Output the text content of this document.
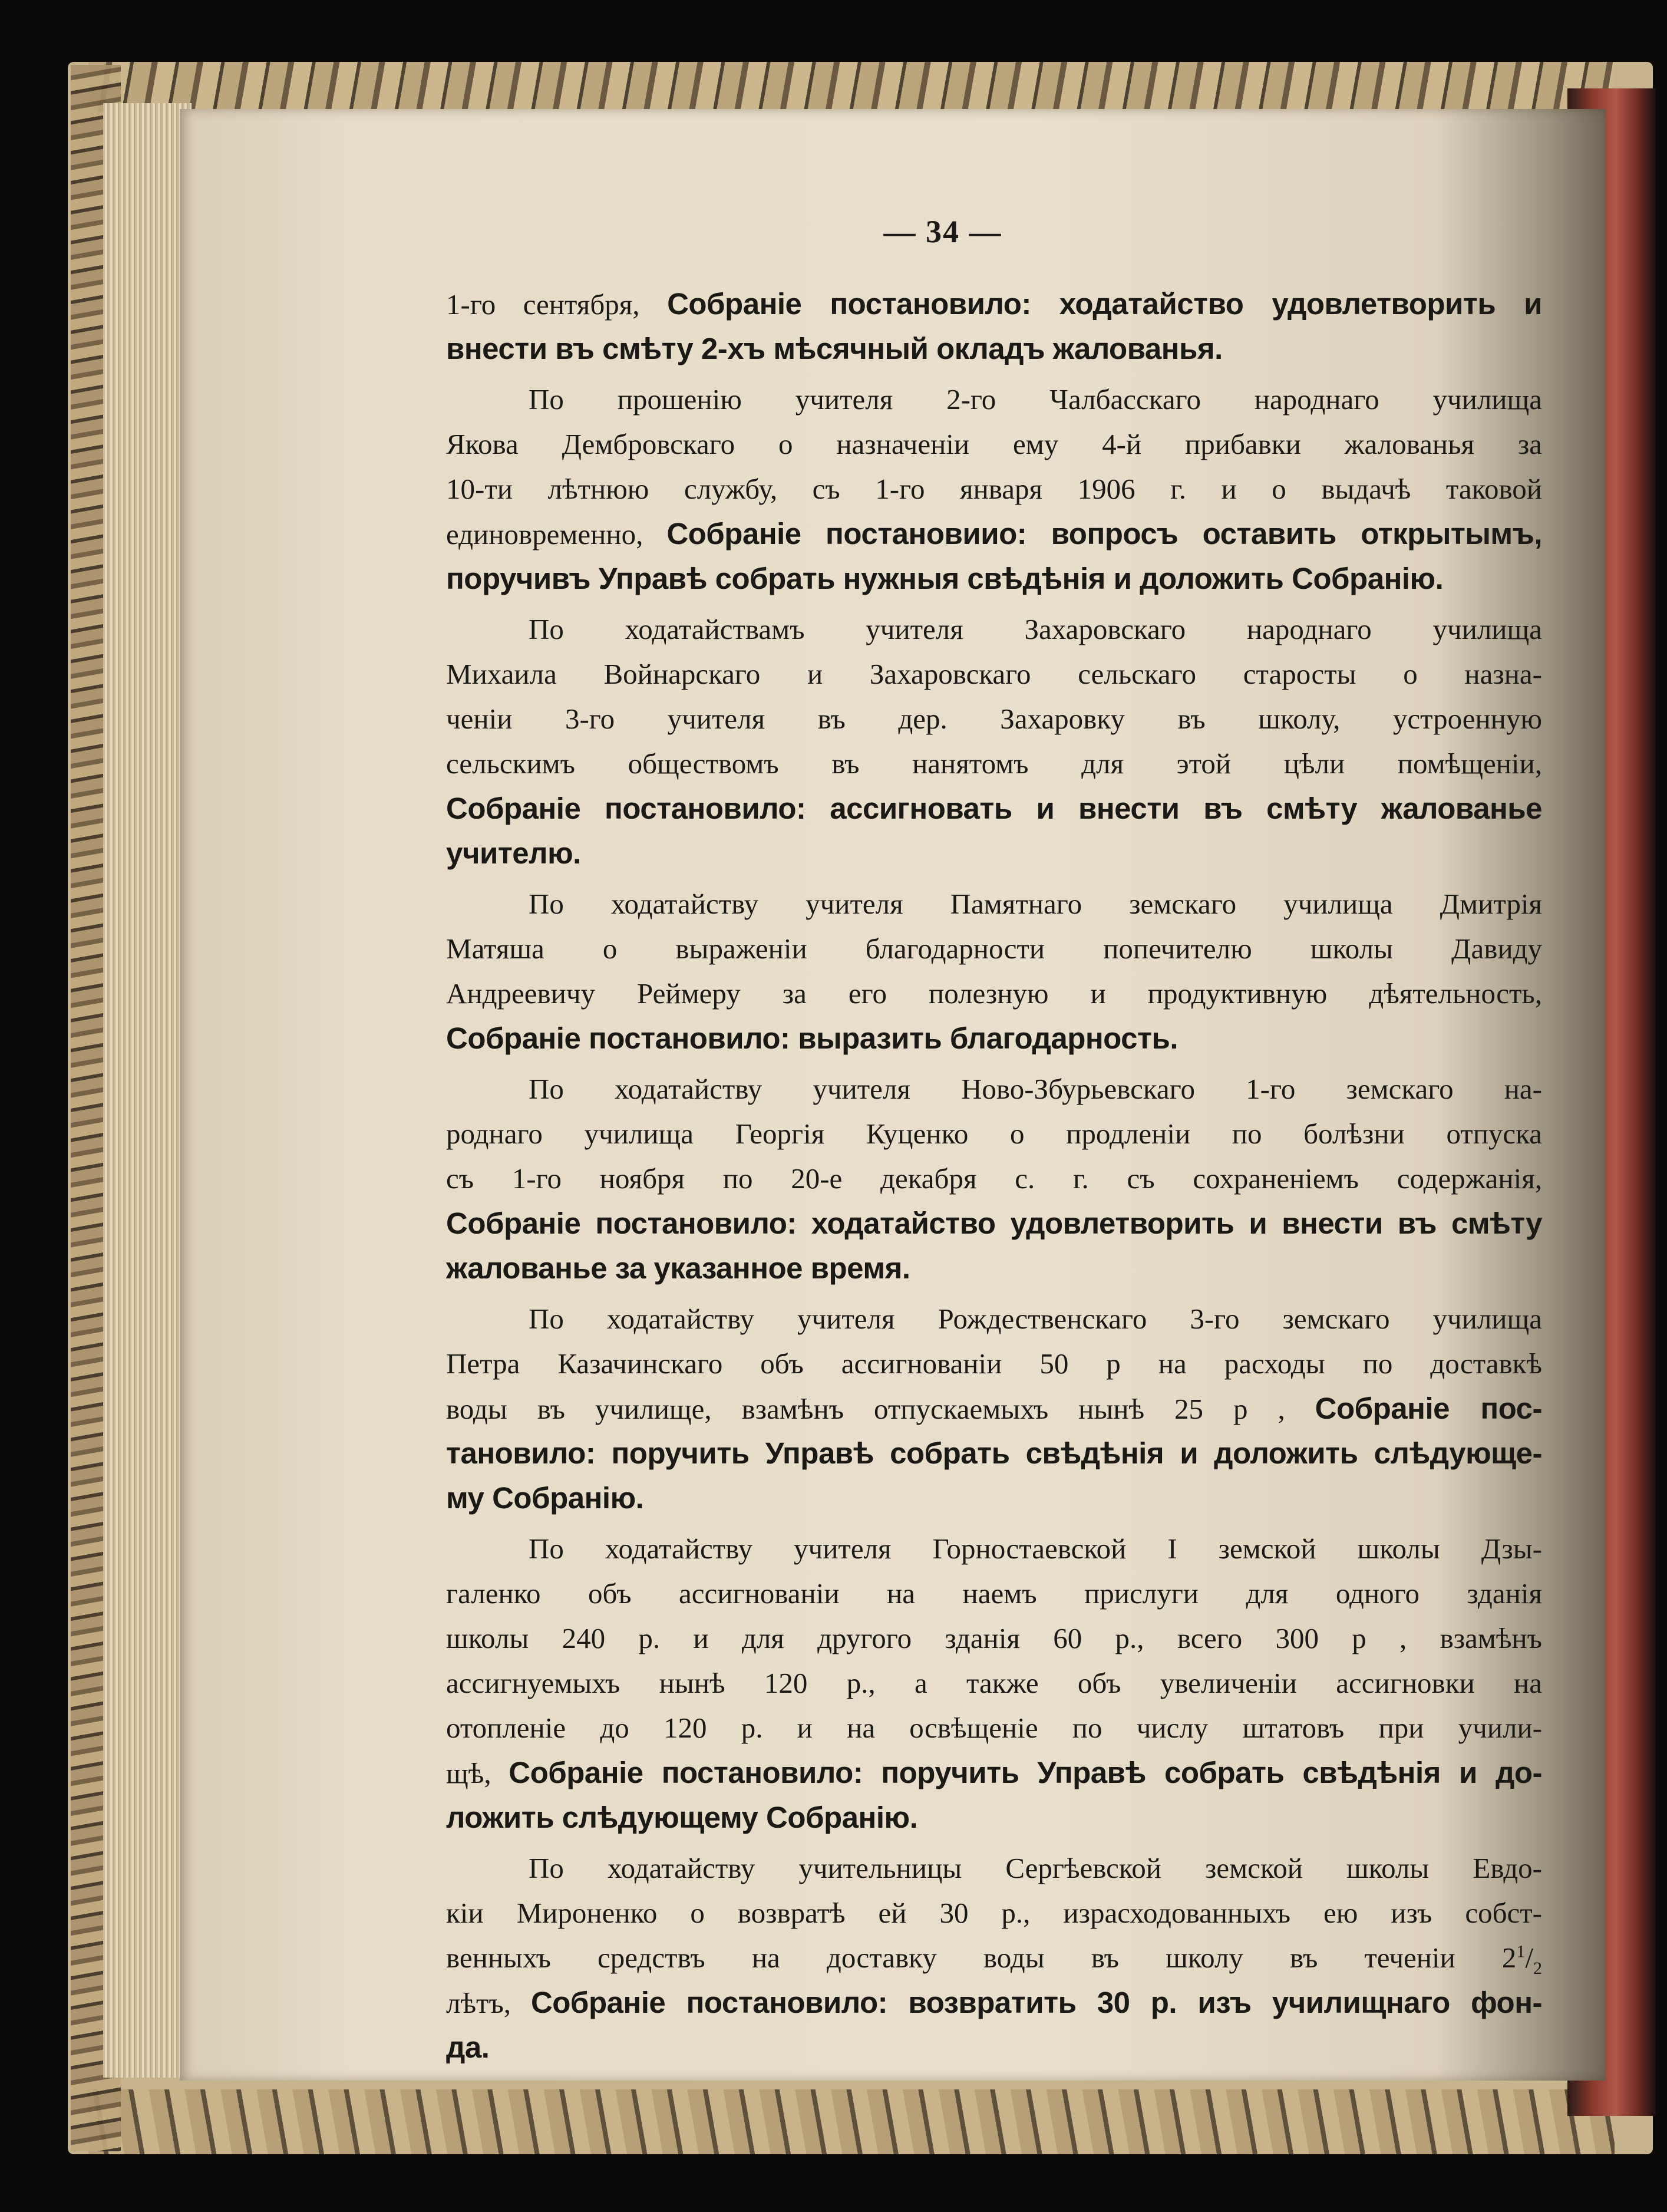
— 34 —
1-го сентября, Собраніе постановило: ходатайство удовлетворить и
внести въ смѣту 2-хъ мѣсячный окладъ жалованья.
По прошенію учителя 2-го Чалбасскаго народнаго училища
Якова Дембровскаго о назначеніи ему 4-й прибавки жалованья за
10-ти лѣтнюю службу, съ 1-го января 1906 г. и о выдачѣ таковой
единовременно, Собраніе постановиио: вопросъ оставить открытымъ,
поручивъ Управѣ собрать нужныя свѣдѣнія и доложить Собранію.
По ходатайствамъ учителя Захаровскаго народнаго училища
Михаила Войнарскаго и Захаровскаго сельскаго старосты о назна-
ченіи 3-го учителя въ дер. Захаровку въ школу, устроенную
сельскимъ обществомъ въ нанятомъ для этой цѣли помѣщеніи,
Собраніе постановило: ассигновать и внести въ смѣту жалованье
учителю.
По ходатайству учителя Памятнаго земскаго училища Дмитрія
Матяша о выраженіи благодарности попечителю школы Давиду
Андреевичу Реймеру за его полезную и продуктивную дѣятельность,
Собраніе постановило: выразить благодарность.
По ходатайству учителя Ново-Збурьевскаго 1-го земскаго на-
роднаго училища Георгія Куценко о продленіи по болѣзни отпуска
съ 1-го ноября по 20-е декабря с. г. съ сохраненіемъ содержанія,
Собраніе постановило: ходатайство удовлетворить и внести въ смѣту
жалованье за указанное время.
По ходатайству учителя Рождественскаго 3-го земскаго училища
Петра Казачинскаго объ ассигнованіи 50 р на расходы по доставкѣ
воды въ училище, взамѣнъ отпускаемыхъ нынѣ 25 р , Собраніе пос-
тановило: поручить Управѣ собрать свѣдѣнія и доложить слѣдующе-
му Собранію.
По ходатайству учителя Горностаевской I земской школы Дзы-
галенко объ ассигнованіи на наемъ прислуги для одного зданія
школы 240 р. и для другого зданія 60 р., всего 300 р , взамѣнъ
ассигнуемыхъ нынѣ 120 р., а также объ увеличеніи ассигновки на
отопленіе до 120 р. и на освѣщеніе по числу штатовъ при учили-
щѣ, Собраніе постановило: поручить Управѣ собрать свѣдѣнія и до-
ложить слѣдующему Собранію.
По ходатайству учительницы Сергѣевской земской школы Евдо-
кіи Мироненко о возвратѣ ей 30 р., израсходованныхъ ею изъ собст-
венныхъ средствъ на доставку воды въ школу въ теченіи $2^1/_2$
лѣтъ, Собраніе постановило: возвратить 30 р. изъ училищнаго фон-
да.
